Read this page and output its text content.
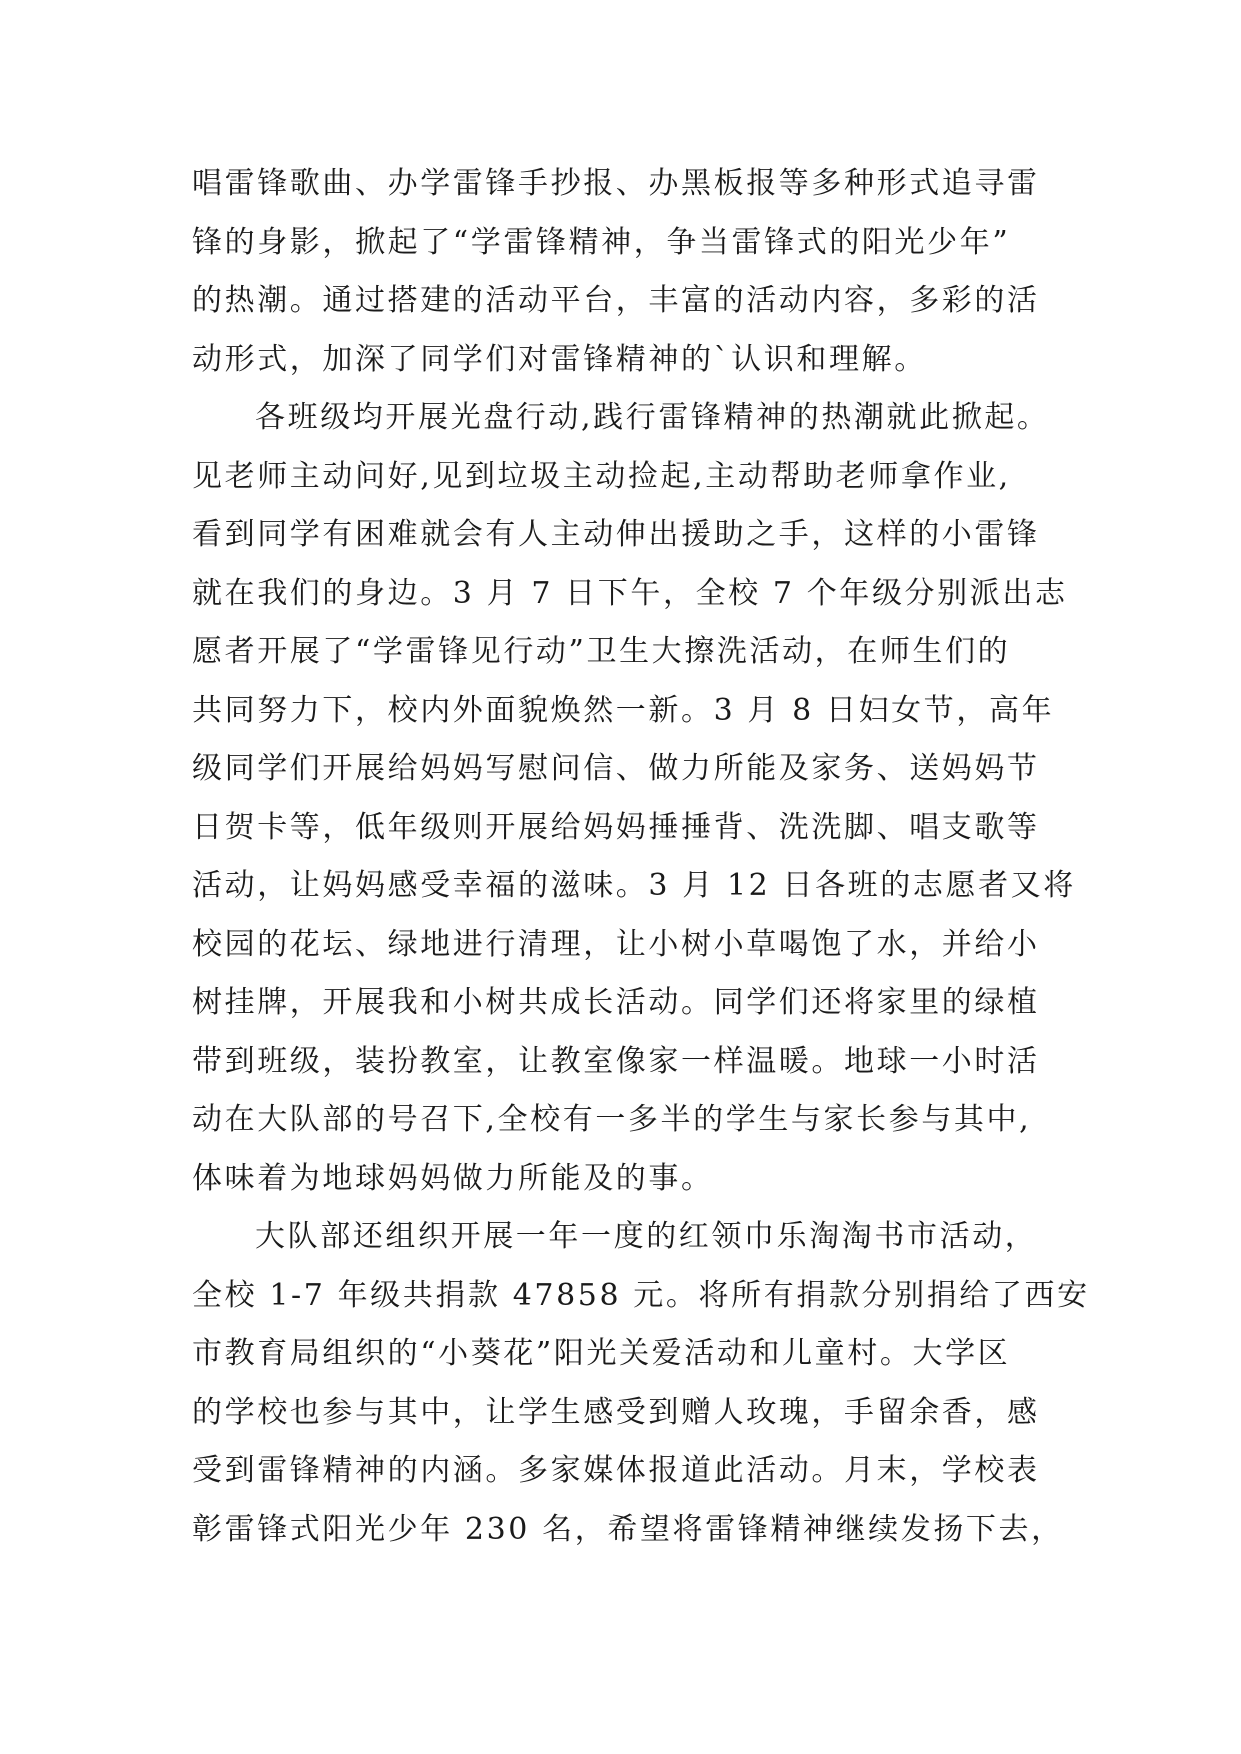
唱雷锋歌曲、办学雷锋手抄报、办黑板报等多种形式追寻雷
锋的身影，掀起了“学雷锋精神，争当雷锋式的阳光少年”
的热潮。通过搭建的活动平台，丰富的活动内容，多彩的活
动形式，加深了同学们对雷锋精神的`认识和理解。
各班级均开展光盘行动,践行雷锋精神的热潮就此掀起。
见老师主动问好,见到垃圾主动捡起,主动帮助老师拿作业,
看到同学有困难就会有人主动伸出援助之手，这样的小雷锋
就在我们的身边。3 月 7 日下午，全校 7 个年级分别派出志
愿者开展了“学雷锋见行动”卫生大擦洗活动，在师生们的
共同努力下，校内外面貌焕然一新。3 月 8 日妇女节，高年
级同学们开展给妈妈写慰问信、做力所能及家务、送妈妈节
日贺卡等，低年级则开展给妈妈捶捶背、洗洗脚、唱支歌等
活动，让妈妈感受幸福的滋味。3 月 12 日各班的志愿者又将
校园的花坛、绿地进行清理，让小树小草喝饱了水，并给小
树挂牌，开展我和小树共成长活动。同学们还将家里的绿植
带到班级，装扮教室，让教室像家一样温暖。地球一小时活
动在大队部的号召下,全校有一多半的学生与家长参与其中,
体味着为地球妈妈做力所能及的事。
大队部还组织开展一年一度的红领巾乐淘淘书市活动，
全校 1-7 年级共捐款 47858 元。将所有捐款分别捐给了西安
市教育局组织的“小葵花”阳光关爱活动和儿童村。大学区
的学校也参与其中，让学生感受到赠人玫瑰，手留余香，感
受到雷锋精神的内涵。多家媒体报道此活动。月末，学校表
彰雷锋式阳光少年 230 名，希望将雷锋精神继续发扬下去，
